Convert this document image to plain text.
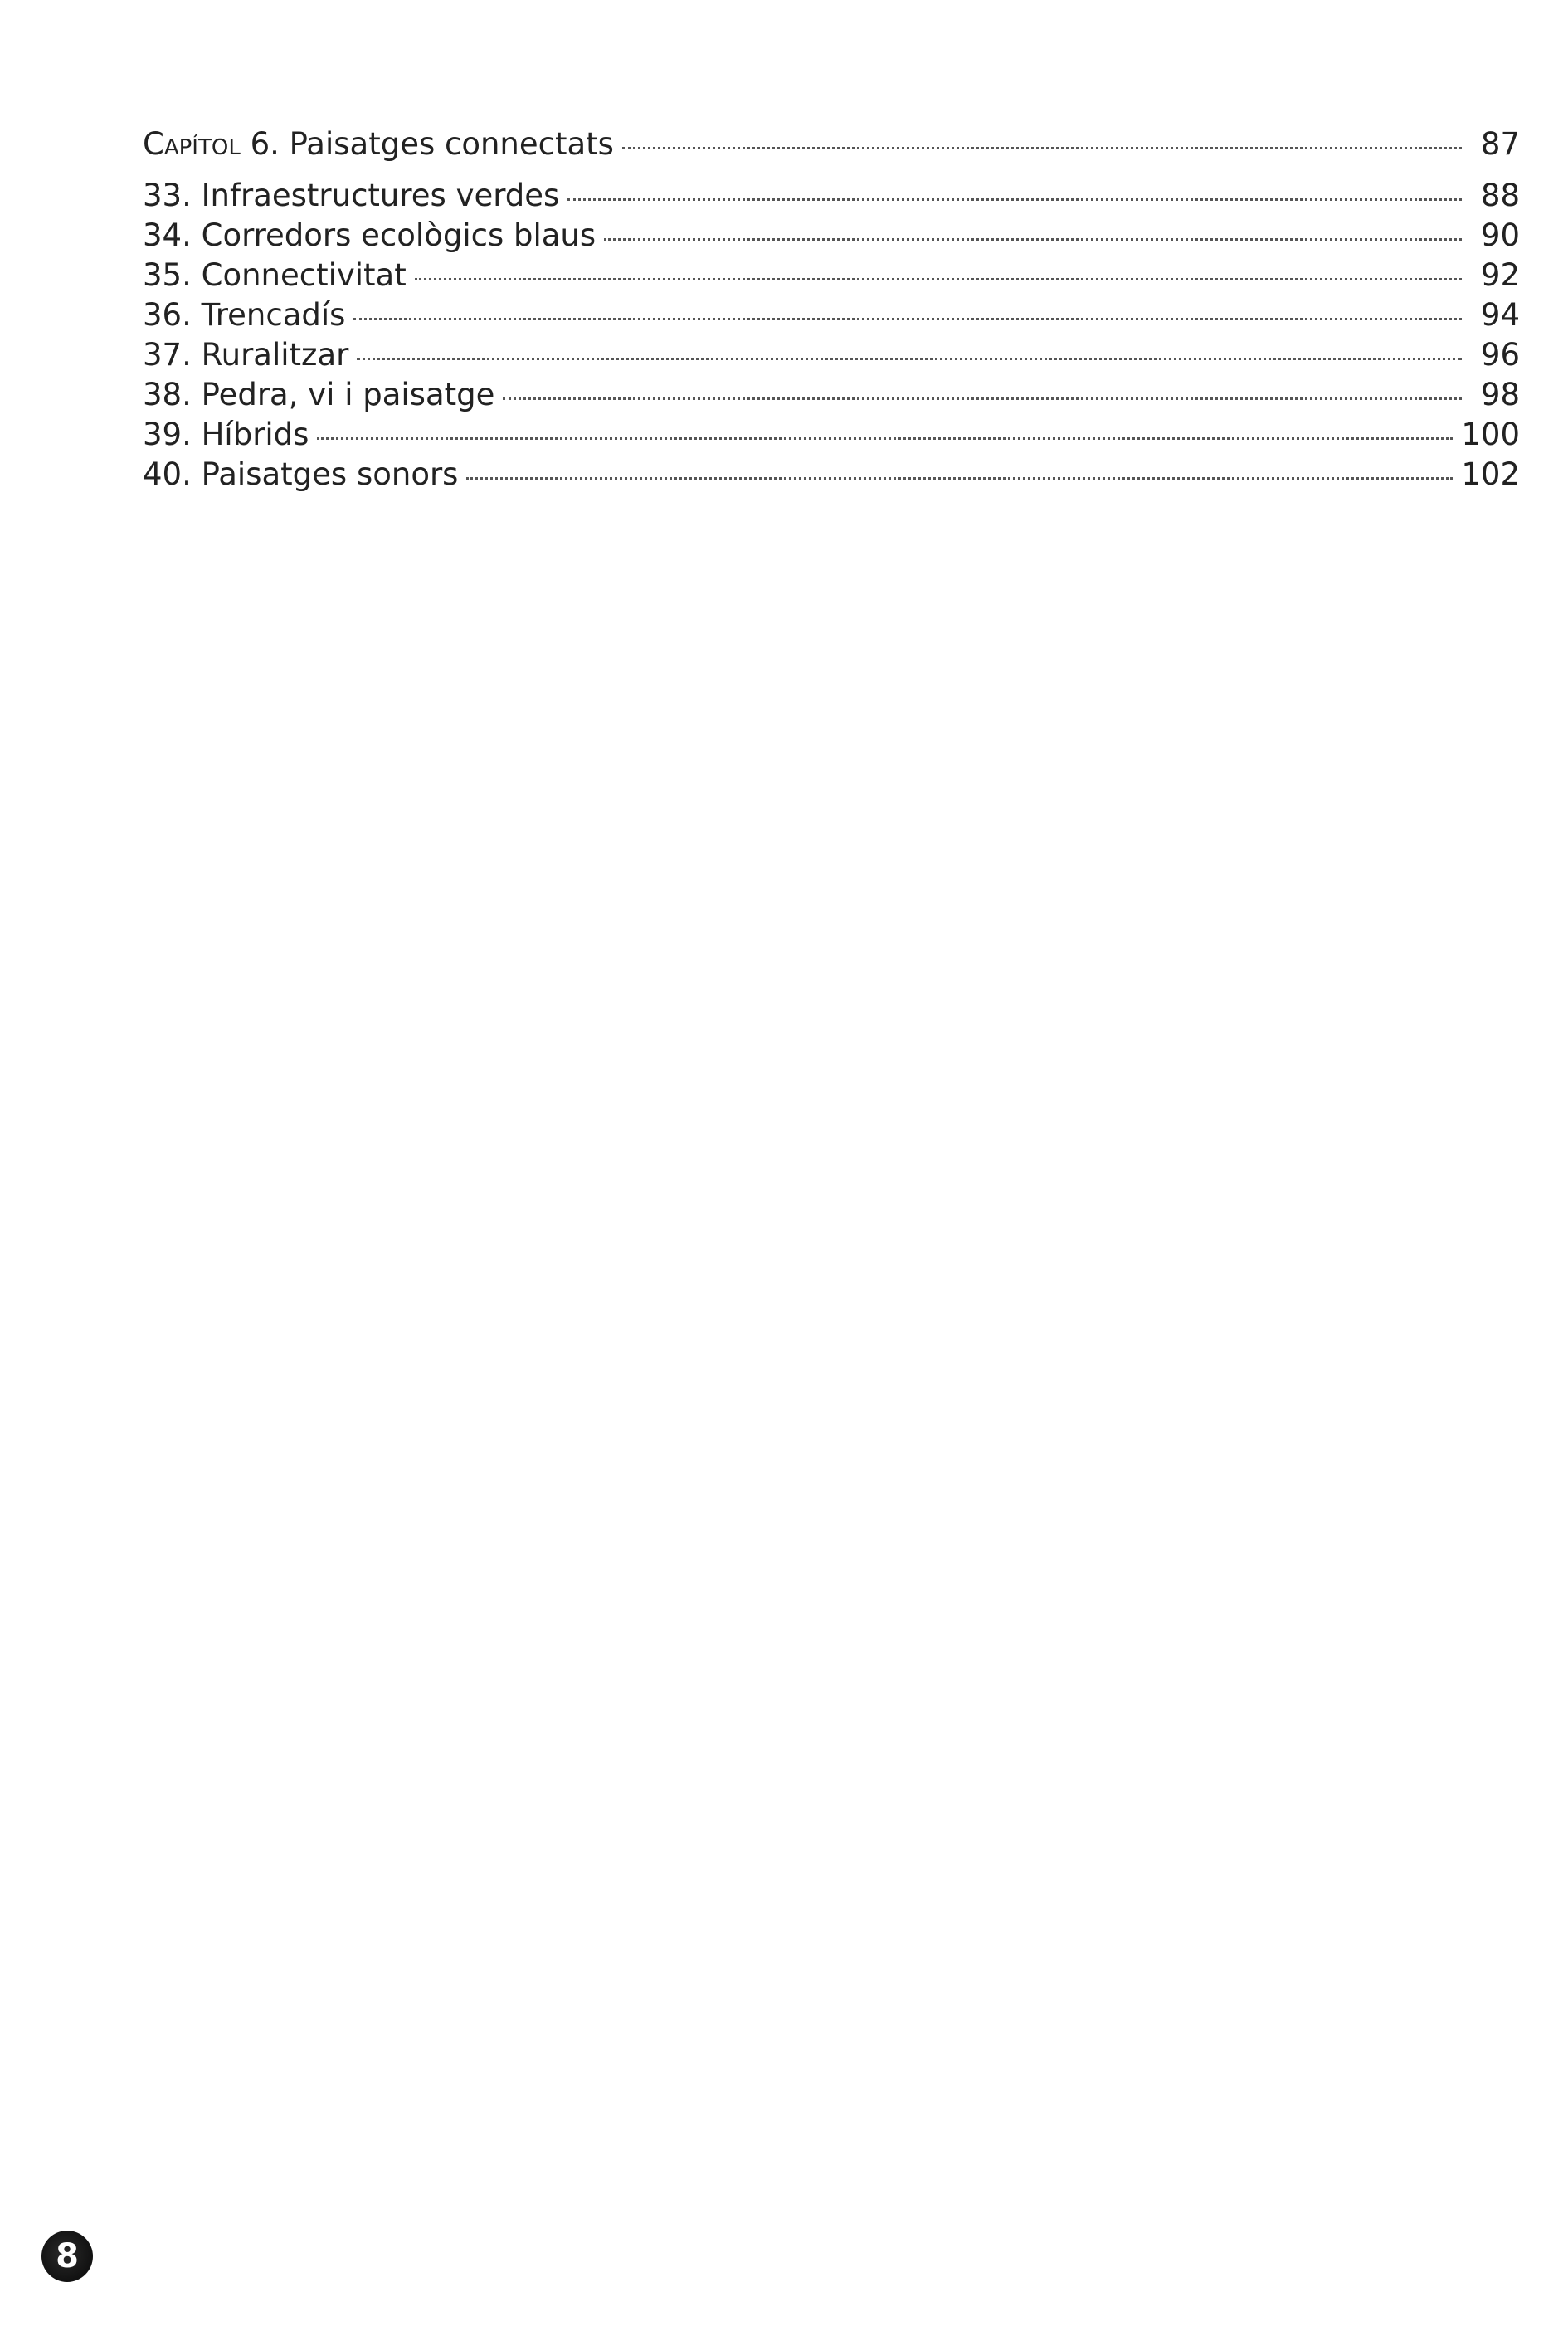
Capítol 6. Paisatges connectats	87
33. Infraestructures verdes	88
34. Corredors ecològics blaus	90
35. Connectivitat	92
36. Trencadís	94
37. Ruralitzar	96
38. Pedra, vi i paisatge	98
39. Híbrids	100
40. Paisatges sonors	102
8
